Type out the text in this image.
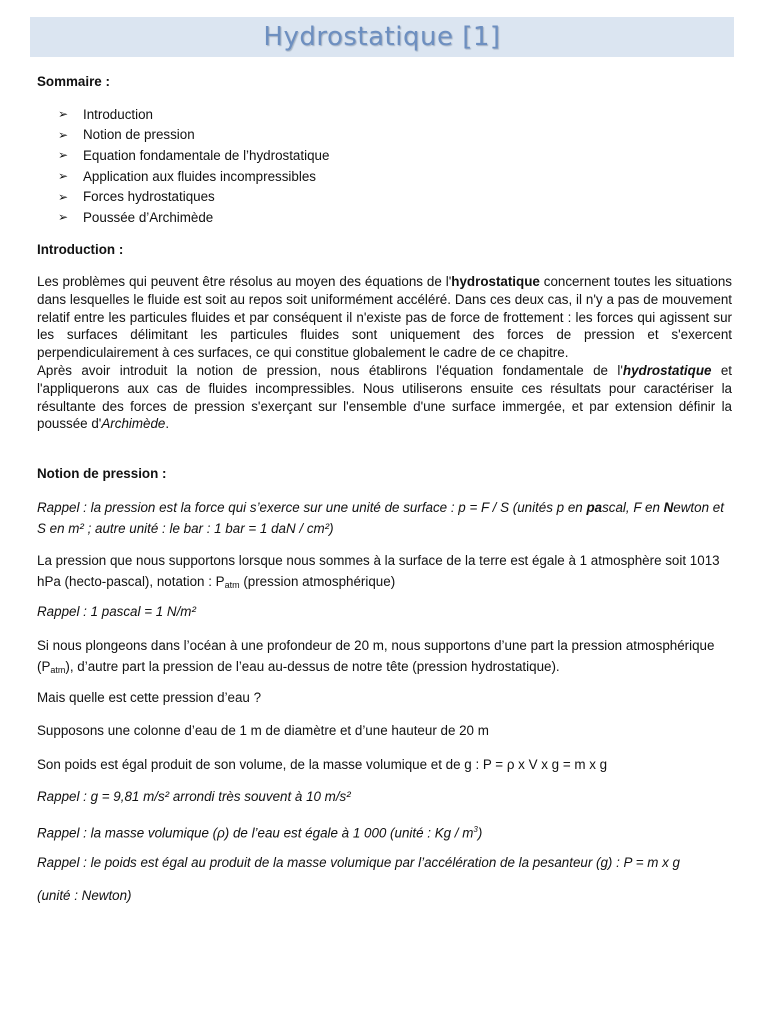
Hydrostatique [1]

Sommaire :

➢	Introduction
➢	Notion de pression
➢	Equation fondamentale de l’hydrostatique
➢	Application aux fluides incompressibles
➢	Forces hydrostatiques
➢	Poussée d’Archimède

Introduction :

Les problèmes qui peuvent être résolus au moyen des équations de l'hydrostatique concernent toutes les situations dans lesquelles le fluide est soit au repos soit uniformément accéléré. Dans ces deux cas, il n'y a pas de mouvement relatif entre les particules fluides et par conséquent il n'existe pas de force de frottement : les forces qui agissent sur les surfaces délimitant les particules fluides sont uniquement des forces de pression et s'exercent perpendiculairement à ces surfaces, ce qui constitue globalement le cadre de ce chapitre.
Après avoir introduit la notion de pression, nous établirons l'équation fondamentale de l'hydrostatique et l'appliquerons aux cas de fluides incompressibles. Nous utiliserons ensuite ces résultats pour caractériser la résultante des forces de pression s'exerçant sur l'ensemble d'une surface immergée, et par extension définir la poussée d'Archimède.

Notion de pression :

Rappel : la pression est la force qui s’exerce sur une unité de surface : p = F / S (unités p en pascal, F en Newton et S en m² ; autre unité : le bar : 1 bar = 1 daN / cm²)

La pression que nous supportons lorsque nous sommes à la surface de la terre est égale à 1 atmosphère soit 1013 hPa (hecto-pascal), notation : $P_{atm}$ (pression atmosphérique)

Rappel : 1 pascal = 1 N/m²

Si nous plongeons dans l’océan à une profondeur de 20 m, nous supportons d’une part la pression atmosphérique $(P_{atm})$, d’autre part la pression de l’eau au-dessus de notre tête (pression hydrostatique).

Mais quelle est cette pression d’eau ?

Supposons une colonne d’eau de 1 m de diamètre et d’une hauteur de 20 m

Son poids est égal produit de son volume, de la masse volumique et de g : P = ρ x V x g = m x g

Rappel : g = 9,81 m/s² arrondi très souvent à 10 m/s²

Rappel : la masse volumique (ρ) de l’eau est égale à 1 000 (unité : Kg / $m^3$)

Rappel : le poids est égal au produit de la masse volumique par l’accélération de la pesanteur (g) : P = m x g

(unité : Newton)
